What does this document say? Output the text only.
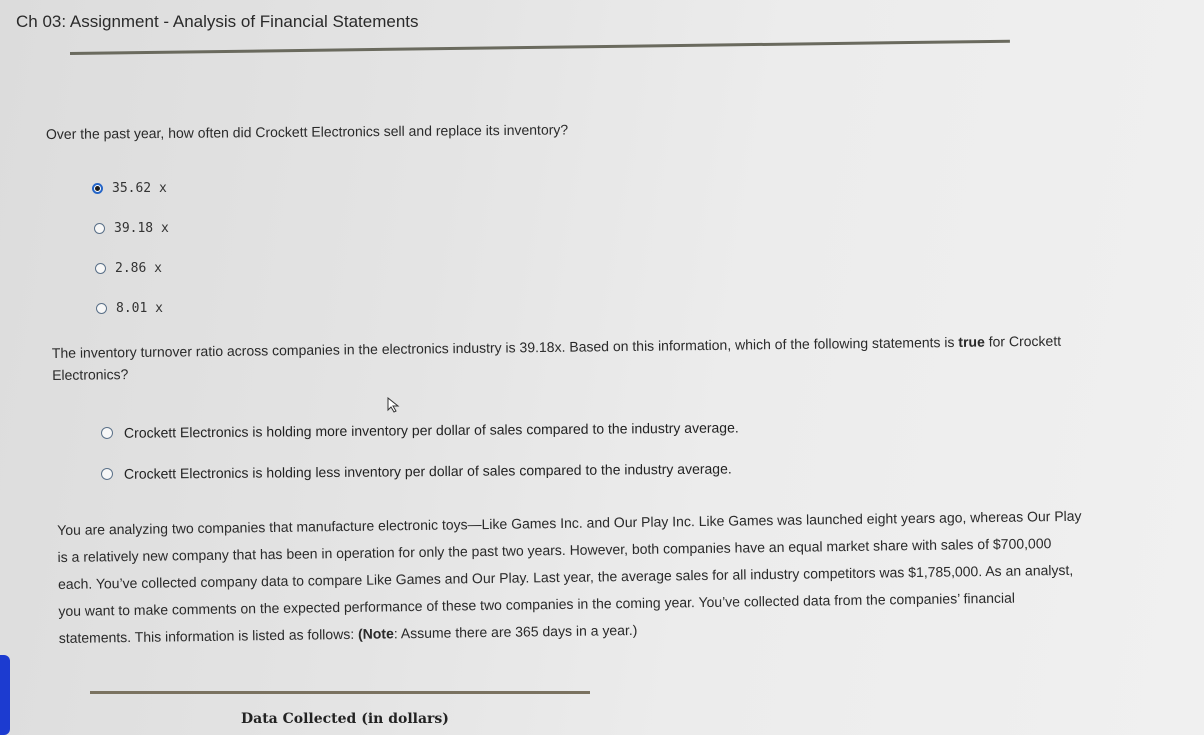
Ch 03: Assignment - Analysis of Financial Statements
Over the past year, how often did Crockett Electronics sell and replace its inventory?
35.62 x
39.18 x
2.86 x
8.01 x
The inventory turnover ratio across companies in the electronics industry is 39.18x. Based on this information, which of the following statements is true for Crockett Electronics?
Crockett Electronics is holding more inventory per dollar of sales compared to the industry average.
Crockett Electronics is holding less inventory per dollar of sales compared to the industry average.
You are analyzing two companies that manufacture electronic toys—Like Games Inc. and Our Play Inc. Like Games was launched eight years ago, whereas Our Play is a relatively new company that has been in operation for only the past two years. However, both companies have an equal market share with sales of $700,000 each. You’ve collected company data to compare Like Games and Our Play. Last year, the average sales for all industry competitors was $1,785,000. As an analyst, you want to make comments on the expected performance of these two companies in the coming year. You’ve collected data from the companies’ financial statements. This information is listed as follows: (Note: Assume there are 365 days in a year.)
Data Collected (in dollars)
